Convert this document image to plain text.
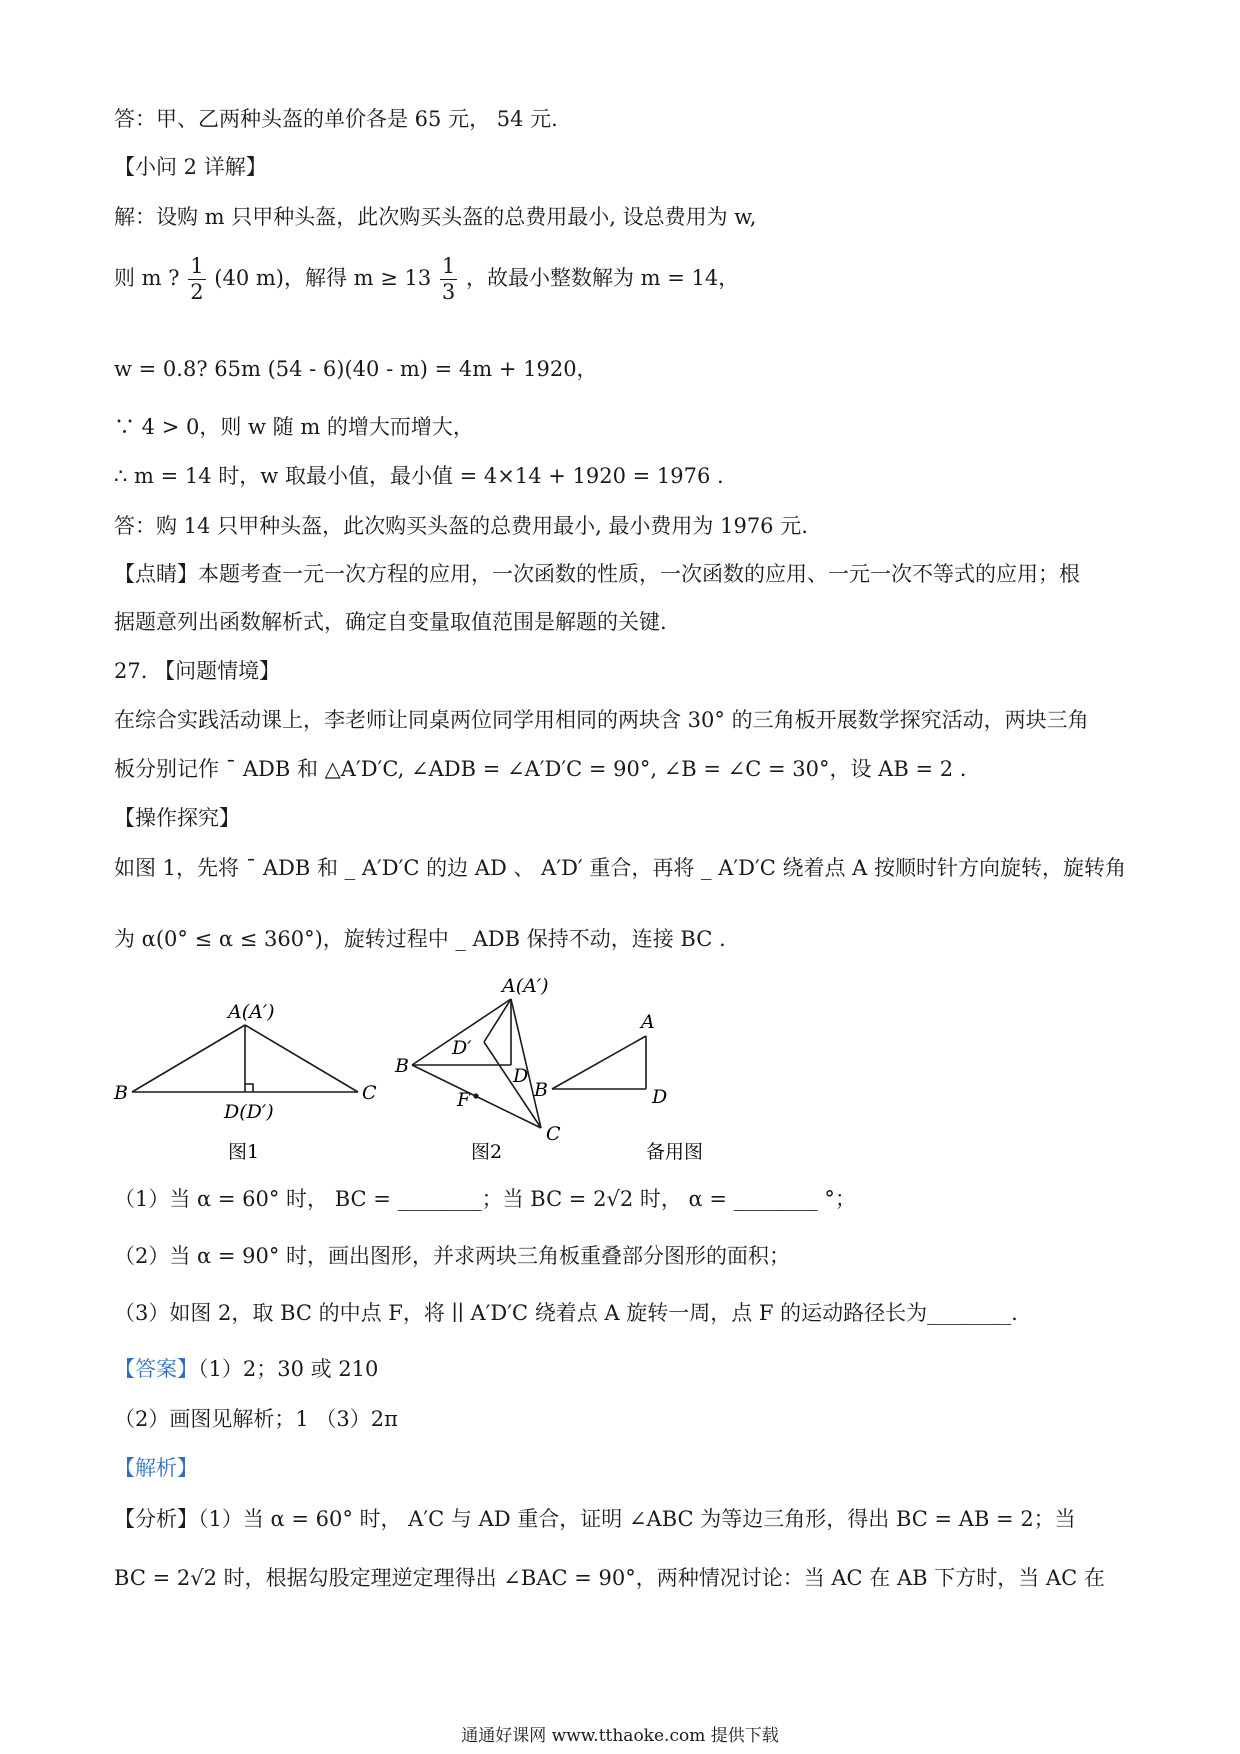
答：甲、乙两种头盔的单价各是 65 元， 54 元.
【小问 2 详解】
解：设购 m 只甲种头盔，此次购买头盔的总费用最小, 设总费用为 w,
则 m ? $\frac{1}{2} (40$ m)，解得 $m \ge 13 \frac{1}{3}$ ，故最小整数解为 m = 14，
w = 0.8? 65m (54 - 6)(40 - m) = 4m + 1920，
∵ 4 > 0，则 w 随 m 的增大而增大，
∴ m = 14 时，w 取最小值，最小值 = 4×14 + 1920 = 1976 .
答：购 14 只甲种头盔，此次购买头盔的总费用最小, 最小费用为 1976 元.
【点睛】本题考查一元一次方程的应用，一次函数的性质，一次函数的应用、一元一次不等式的应用；根
据题意列出函数解析式，确定自变量取值范围是解题的关键.
27. 【问题情境】
在综合实践活动课上，李老师让同桌两位同学用相同的两块含 30° 的三角板开展数学探究活动，两块三角
板分别记作 ¯ ADB 和 △A′D′C, ∠ADB = ∠A′D′C = 90°, ∠B = ∠C = 30°，设 AB = 2 .
【操作探究】
如图 1，先将 ¯ ADB 和 _ A′D′C 的边 AD 、 A′D′ 重合，再将 _ A′D′C 绕着点 A 按顺时针方向旋转，旋转角
为 α(0° ≤ α ≤ 360°)，旋转过程中 _ ADB 保持不动，连接 BC .
A(A′)
B	C
D(D′)
图1
A(A′)
B
C
D
D′
F
图2
A
B	D
备用图
（1）当 α = 60° 时， BC = ________；当 BC = 2√2 时， α = ________ °；
（2）当 α = 90° 时，画出图形，并求两块三角板重叠部分图形的面积；
（3）如图 2，取 BC 的中点 F，将 ∣∣ A′D′C 绕着点 A 旋转一周，点 F 的运动路径长为________.
【答案】（1）2；30 或 210
（2）画图见解析；1 （3）2π
【解析】
【分析】（1）当 α = 60° 时， A′C 与 AD 重合，证明 ∠ABC 为等边三角形，得出 BC = AB = 2；当
BC = 2√2 时，根据勾股定理逆定理得出 ∠BAC = 90°，两种情况讨论：当 AC 在 AB 下方时，当 AC 在
通通好课网 www.tthaoke.com 提供下载
